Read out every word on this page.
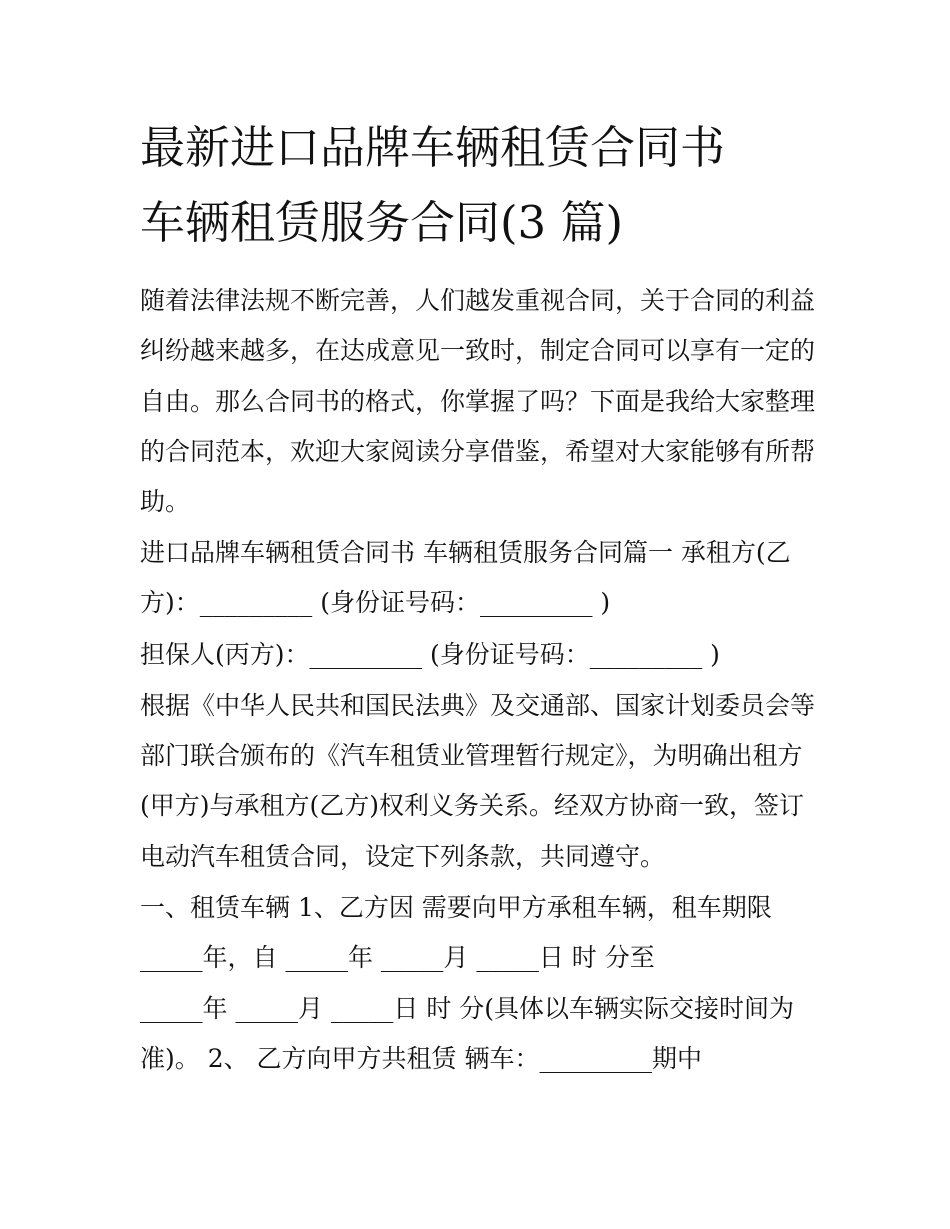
最新进口品牌车辆租赁合同书
车辆租赁服务合同(3 篇)

随着法律法规不断完善，人们越发重视合同，关于合同的利益

纠纷越来越多，在达成意见一致时，制定合同可以享有一定的

自由。那么合同书的格式，你掌握了吗？下面是我给大家整理

的合同范本，欢迎大家阅读分享借鉴，希望对大家能够有所帮

助。

进口品牌车辆租赁合同书 车辆租赁服务合同篇一 承租方(乙

方)：_________ (身份证号码：_________ )

担保人(丙方)：_________ (身份证号码：_________ )

根据《中华人民共和国民法典》及交通部、国家计划委员会等

部门联合颁布的《汽车租赁业管理暂行规定》，为明确出租方

(甲方)与承租方(乙方)权利义务关系。经双方协商一致，签订

电动汽车租赁合同，设定下列条款，共同遵守。

一、租赁车辆 1、乙方因 需要向甲方承租车辆，租车期限

_____年，自 _____年 _____月 _____日 时 分至

_____年 _____月 _____日 时 分(具体以车辆实际交接时间为

准)。 2、 乙方向甲方共租赁 辆车：_________期中
